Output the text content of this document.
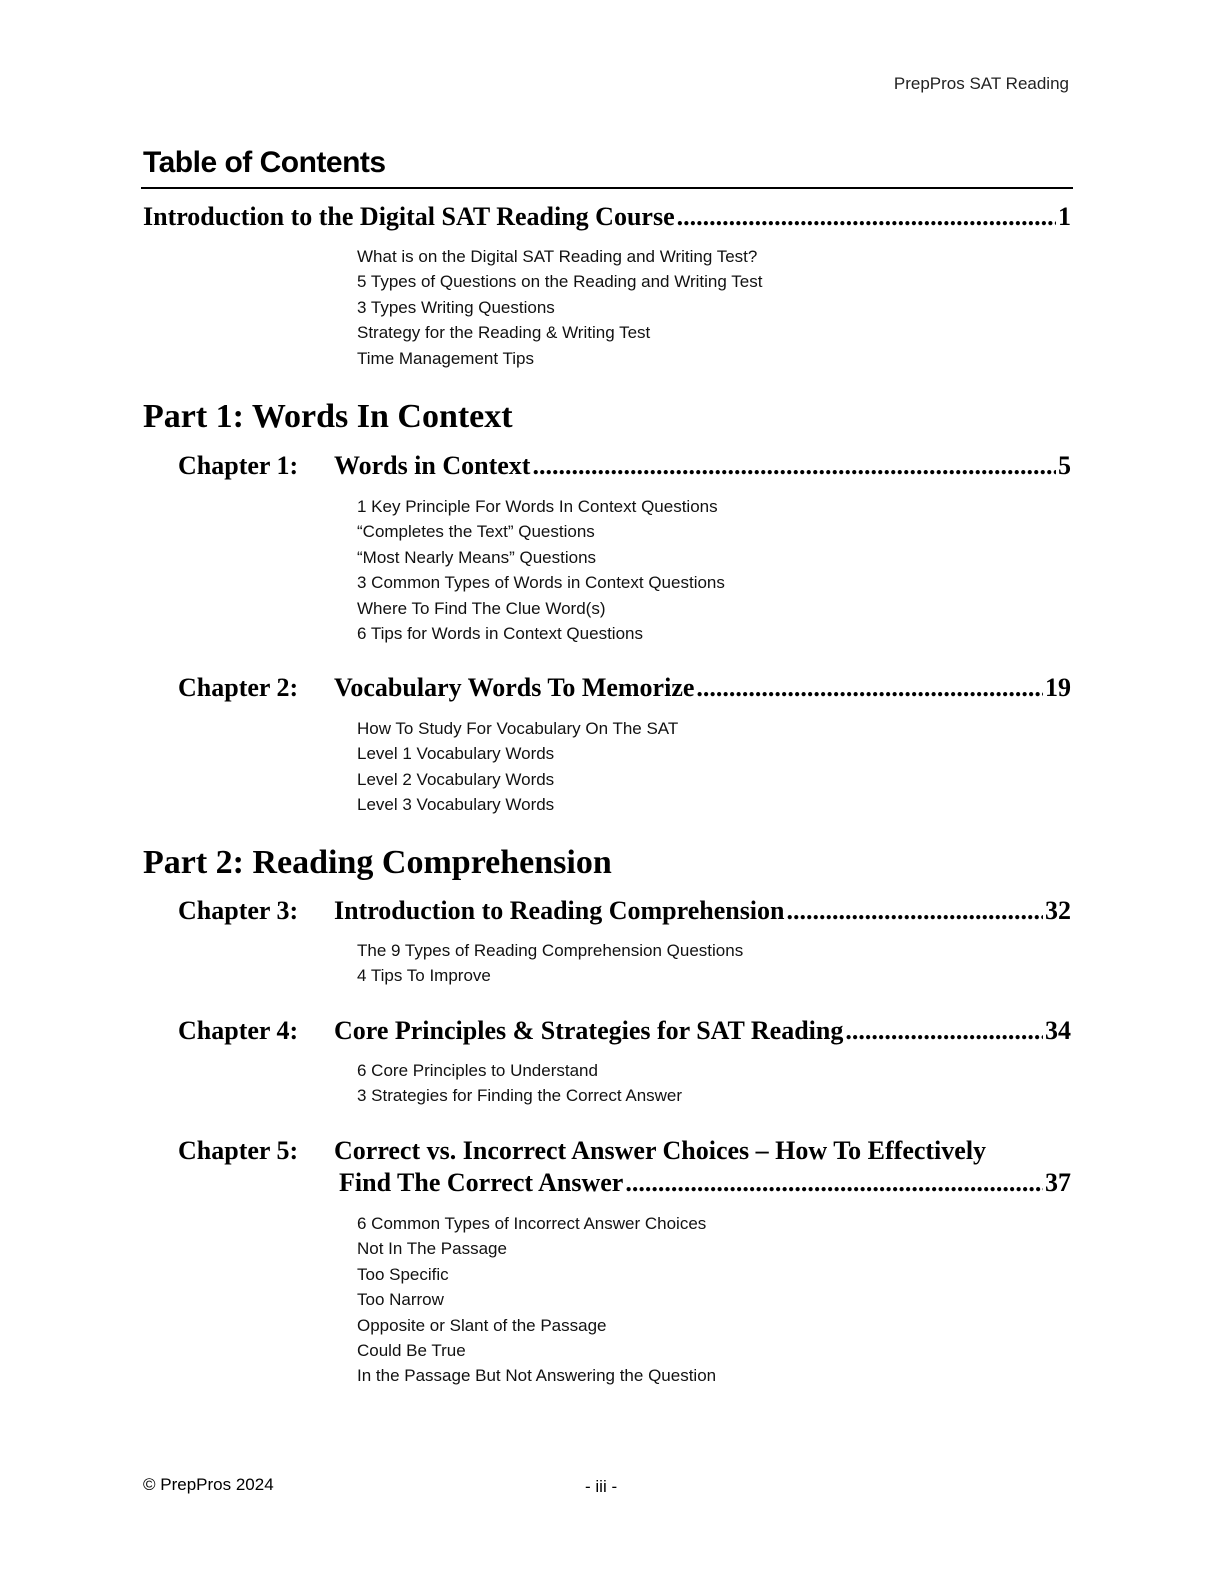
PrepPros SAT Reading
Table of Contents
Introduction to the Digital SAT Reading Course .....	1
What is on the Digital SAT Reading and Writing Test?
5 Types of Questions on the Reading and Writing Test
3 Types Writing Questions
Strategy for the Reading & Writing Test
Time Management Tips
Part 1: Words In Context
Chapter 1: Words in Context .....	5
1 Key Principle For Words In Context Questions
“Completes the Text” Questions
“Most Nearly Means” Questions
3 Common Types of Words in Context Questions
Where To Find The Clue Word(s)
6 Tips for Words in Context Questions
Chapter 2: Vocabulary Words To Memorize .....	19
How To Study For Vocabulary On The SAT
Level 1 Vocabulary Words
Level 2 Vocabulary Words
Level 3 Vocabulary Words
Part 2: Reading Comprehension
Chapter 3: Introduction to Reading Comprehension .....	32
The 9 Types of Reading Comprehension Questions
4 Tips To Improve
Chapter 4: Core Principles & Strategies for SAT Reading .....	34
6 Core Principles to Understand
3 Strategies for Finding the Correct Answer
Chapter 5: Correct vs. Incorrect Answer Choices – How To Effectively
Find The Correct Answer .....	37
6 Common Types of Incorrect Answer Choices
Not In The Passage
Too Specific
Too Narrow
Opposite or Slant of the Passage
Could Be True
In the Passage But Not Answering the Question
© PrepPros 2024	- iii -
